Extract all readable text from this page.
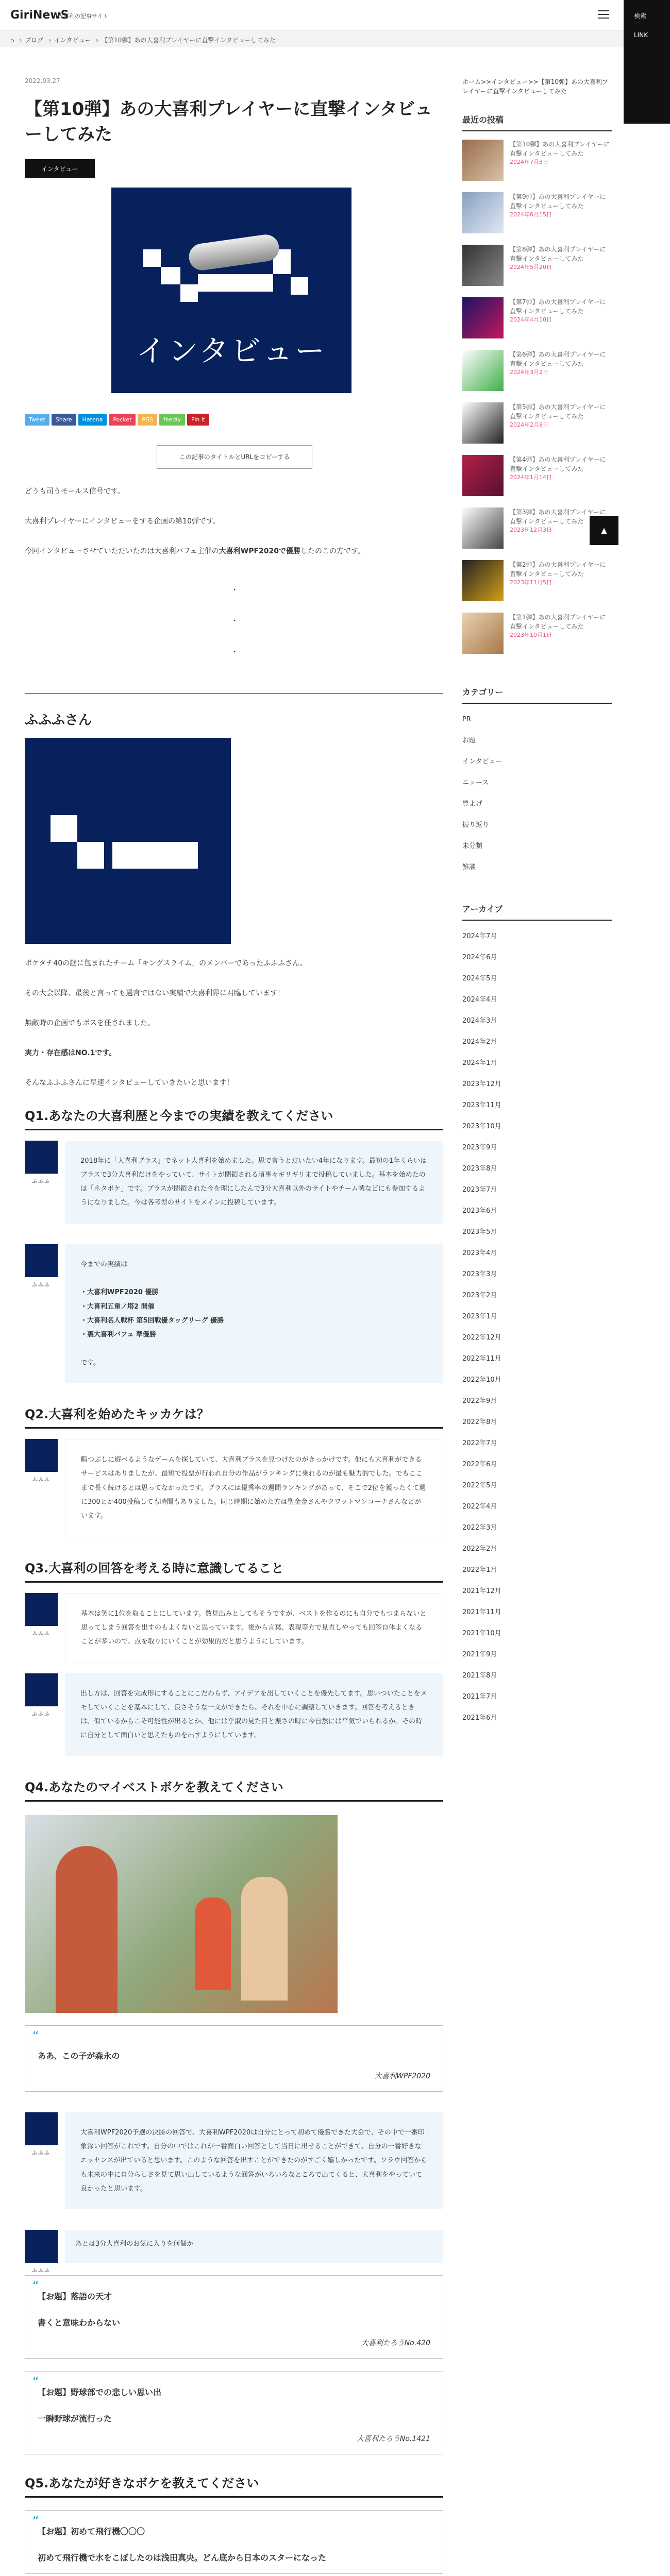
GiriNewS
大喜利の記事サイト	検索
LINK
⌂ › ブログ › インタビュー › 【第10弾】あの大喜利プレイヤーに直撃インタビューしてみた
2022.03.27
【第10弾】あの大喜利プレイヤーに直撃インタビューしてみた
インタビュー
インタビュー
Tweet	Share	Hatena	Pocket	RSS	feedly	Pin it
この記事のタイトルとURLをコピーする
どうも司うモールス信号です。
大喜利プレイヤーにインタビューをする企画の第10弾です。
今回インタビューさせていただいたのは大喜利バフェ主催の大喜利WPF2020で優勝したのこの方です。
・
・
・
ふふふさん
ボケタチ40の謎に包まれたチーム「キングスライム」のメンバーであったふふふさん。
その大会以降、最後と言っても過言ではない実績で大喜利界に君臨しています！
無敵時の企画でもボスを任されました。
実力・存在感はNO.1です。
そんなふふふさんに早速インタビューしていきたいと思います！
Q1.あなたの大喜利歴と今までの実績を教えてください
ふふふ
2018年に「大喜利ブラス」でネット大喜利を始めました。思で言うとだいたい4年になります。最初の1年くらいはブラスで3分大喜利だけをやっていて、サイトが閉鎖される頃事々ギリギリまで投稿していました。基本を始めたのは「ネタボケ」です。ブラスが閉鎖された今を理にしたんで3分大喜利以外のサイトやチーム戦などにも参加するようになりました。今は各考型のサイトをメインに投稿しています。
ふふふ
今までの実績は

・大喜利WPF2020 優勝
・大喜利五重ノ塔2 開催
・大喜利名人戦杯 第5回戦優タッグリーグ 優勝
・裏大喜利バフェ 準優勝

です。
Q2.大喜利を始めたキッカケは？
ふふふ
暇つぶしに遊べるようなゲームを探していて、大喜利ブラスを見つけたのがきっかけです。他にも大喜利ができるサービスはありましたが、最短で投票が行われ自分の作品がランキングに乗れるのが最も魅力的でした。でもここまで長く続けるとは思ってなかったです。ブラスには優秀率の週間ランキングがあって、そこで2位を獲ったくて週に300とか400投稿しても時間もありました。同じ時期に始めた方は聖金金さんやクワットマンコーチさんなどがいます。
Q3.大喜利の回答を考える時に意識してること
ふふふ
基本は笑に1位を取ることにしています。数見出みとしてもそうですが、ベストを作るのにも自分でもつまらないと思ってしまう回答を出すのもよくないと思っています。後から言葉、表現等方で見直しやっても回答自体よくなることが多いので、点を取りにいくことが効果的だと思うようにしています。
ふふふ
出し方は、回答を完成形にすることにこだわらず、アイデアを出していくことを優先してます。思いついたことをメモしていくことを基本にして、良さそうな一文ができたら、それを中心に調整していきます。回答を考えるときは、似ているからこそ可能性が出るとか、他には乎淑の見た目と振さの時に今自然には平気でいられるか。その時に自分として面白いと思えたものを出すようにしています。
Q4.あなたのマイベストボケを教えてください
“
ああ、この子が森永の
大喜利WPF2020
ふふふ
大喜利WPF2020予選の決勝の回答で、大喜利WPF2020は自分にとって初めて優勝できた大会で、その中で一番印象深い回答がこれです。自分の中ではこれが一番面白い回答として当日に出せることができて、自分の一番好きなエッセンスが出ていると思います。このような回答を出すことができたのがすごく嬉しかったです。ワラウ回答からも未来の中に自分らしさを見て思い出しているような回答がいろいろなところで出てくると、大喜利をやっていて良かったと思います。
ふふふ
あとは3分大喜利のお気に入りを何個か
“
【お題】落語の天才
書くと意味わからない
大喜利たろうNo.420
“
【お題】野球部での悲しい思い出
一瞬野球が流行った
大喜利たろうNo.1421
Q5.あなたが好きなボケを教えてください
“
【お題】初めて飛行機〇〇〇
初めて飛行機で水をこぼしたのは浅田真央。どん底から日本のスターになった
ホーム>>インタビュー>>【第10弾】あの大喜利プレイヤーに直撃インタビューしてみた
最近の投稿
【第10弾】あの大喜利プレイヤーに直撃インタビューしてみた
2024年7月3日
【第9弾】あの大喜利プレイヤーに直撃インタビューしてみた
2024年6月15日
【第8弾】あの大喜利プレイヤーに直撃インタビューしてみた
2024年5月20日
【第7弾】あの大喜利プレイヤーに直撃インタビューしてみた
2024年4月10日
【第6弾】あの大喜利プレイヤーに直撃インタビューしてみた
2024年3月2日
【第5弾】あの大喜利プレイヤーに直撃インタビューしてみた
2024年2月8日
【第4弾】あの大喜利プレイヤーに直撃インタビューしてみた
2024年1月14日
【第3弾】あの大喜利プレイヤーに直撃インタビューしてみた
2023年12月3日
【第2弾】あの大喜利プレイヤーに直撃インタビューしてみた
2023年11月5日
【第1弾】あの大喜利プレイヤーに直撃インタビューしてみた
2023年10月1日
カテゴリー
PR
お題
インタビュー
ニュース
豊よげ
振り返り
未分類
雑談
アーカイブ
2024年7月
2024年6月
2024年5月
2024年4月
2024年3月
2024年2月
2024年1月
2023年12月
2023年11月
2023年10月
2023年9月
2023年8月
2023年7月
2023年6月
2023年5月
2023年4月
2023年3月
2023年2月
2023年1月
2022年12月
2022年11月
2022年10月
2022年9月
2022年8月
2022年7月
2022年6月
2022年5月
2022年4月
2022年3月
2022年2月
2022年1月
2021年12月
2021年11月
2021年10月
2021年9月
2021年8月
2021年7月
2021年6月
▲
